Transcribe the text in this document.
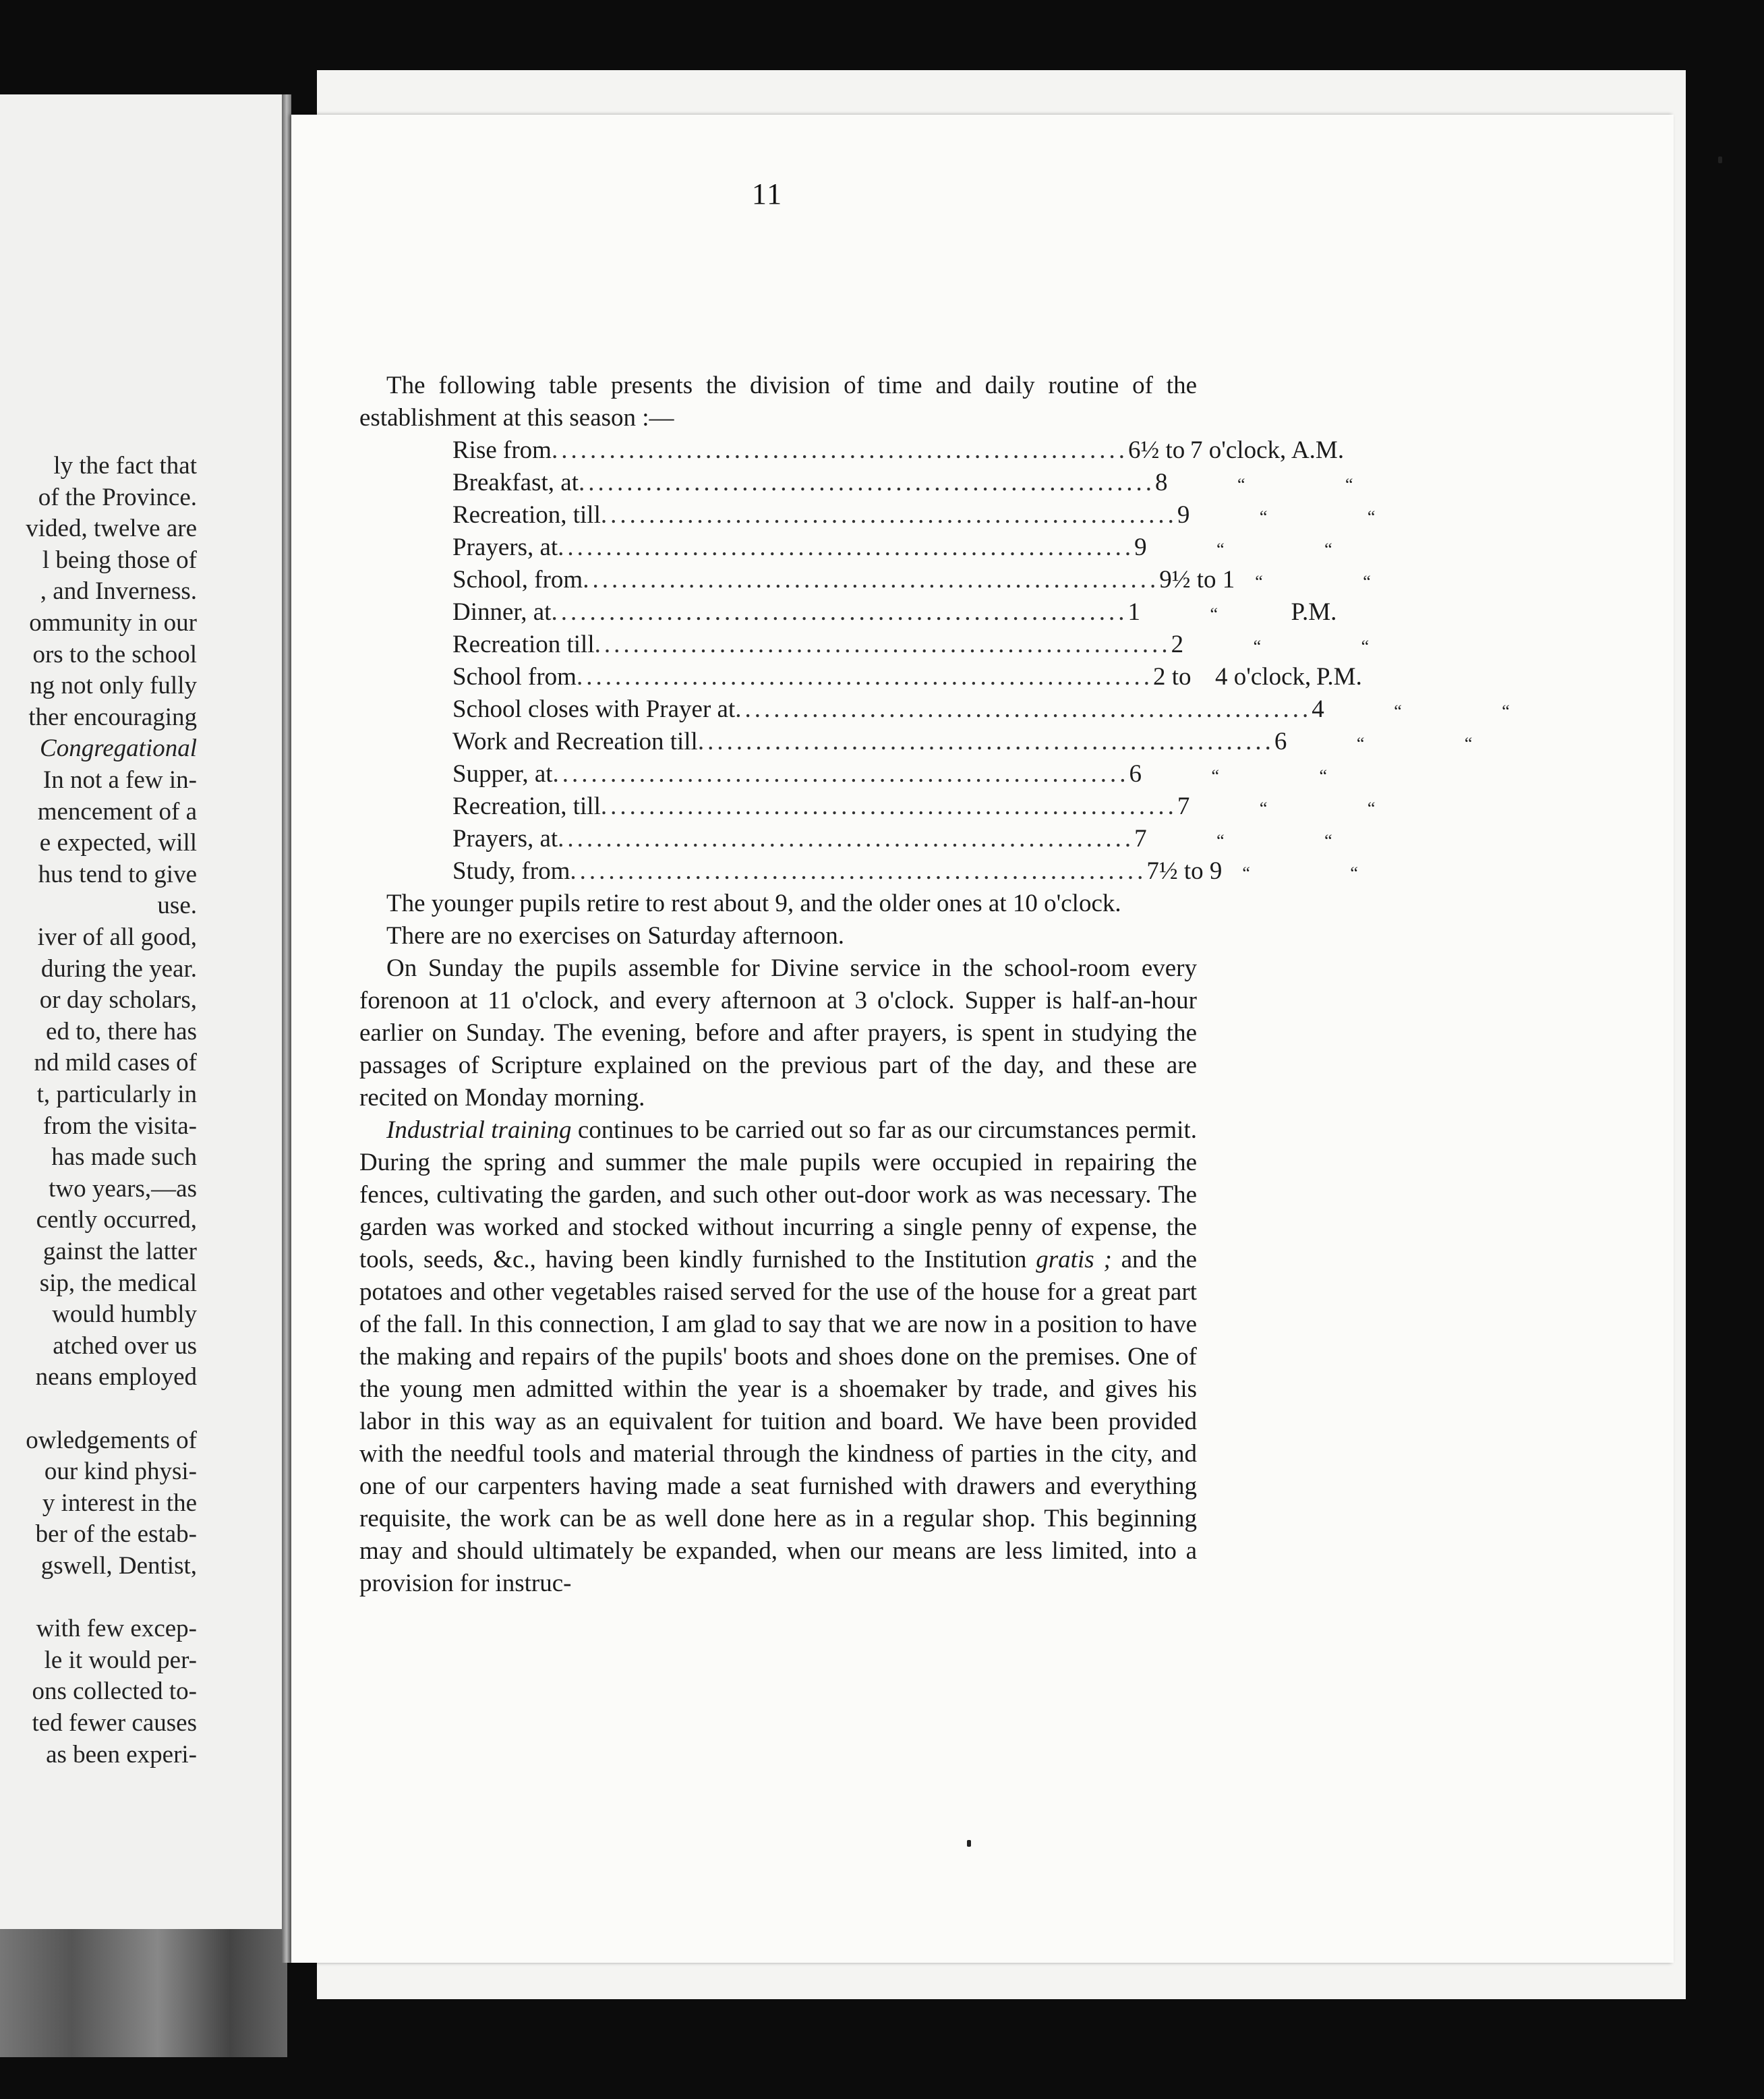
ly the fact that
of the Province.
vided, twelve are
l being those of
, and Inverness.
ommunity in our
ors to the school
ng not only fully
ther encouraging
Congregational
In not a few in-
mencement of a
e expected, will
hus tend to give
use.
iver of all good,
during the year.
or day scholars,
ed to, there has
nd mild cases of
t, particularly in
from the visita-
has made such
two years,—as
cently occurred,
gainst the latter
sip, the medical
would humbly
atched over us
neans employed
owledgements of
our kind physi-
y interest in the
ber of the estab-
gswell, Dentist,
with few excep-
le it would per-
ons collected to-
ted fewer causes
as been experi-
11

The following table presents the division of time and daily routine of the establishment at this season :—

Rise from ............................................................ 6½ to 7 o'clock, A.M.
Breakfast, at ............................................................ 8	“	“
Recreation, till ............................................................ 9	“	“
Prayers, at ............................................................ 9	“	“
School, from ............................................................ 9½ to 1	“	“
Dinner, at ............................................................ 1	“	P.M.
Recreation till ............................................................ 2	“	“
School from ............................................................ 2 to 4 o'clock, P.M.
School closes with Prayer at ............................................................ 4	“	“
Work and Recreation till ............................................................ 6	“	“
Supper, at ............................................................ 6	“	“
Recreation, till ............................................................ 7	“	“
Prayers, at ............................................................ 7	“	“
Study, from ............................................................ 7½ to 9	“	“

The younger pupils retire to rest about 9, and the older ones at 10 o'clock.

There are no exercises on Saturday afternoon.

On Sunday the pupils assemble for Divine service in the school-room every forenoon at 11 o'clock, and every afternoon at 3 o'clock. Supper is half-an-hour earlier on Sunday. The evening, before and after prayers, is spent in studying the passages of Scripture explained on the previous part of the day, and these are recited on Monday morning.

Industrial training continues to be carried out so far as our circumstances permit. During the spring and summer the male pupils were occupied in repairing the fences, cultivating the garden, and such other out-door work as was necessary. The garden was worked and stocked without incurring a single penny of expense, the tools, seeds, &c., having been kindly furnished to the Institution gratis ; and the potatoes and other vegetables raised served for the use of the house for a great part of the fall. In this connection, I am glad to say that we are now in a position to have the making and repairs of the pupils' boots and shoes done on the premises. One of the young men admitted within the year is a shoemaker by trade, and gives his labor in this way as an equivalent for tuition and board. We have been provided with the needful tools and material through the kindness of parties in the city, and one of our carpenters having made a seat furnished with drawers and everything requisite, the work can be as well done here as in a regular shop. This beginning may and should ultimately be expanded, when our means are less limited, into a provision for instruc-
